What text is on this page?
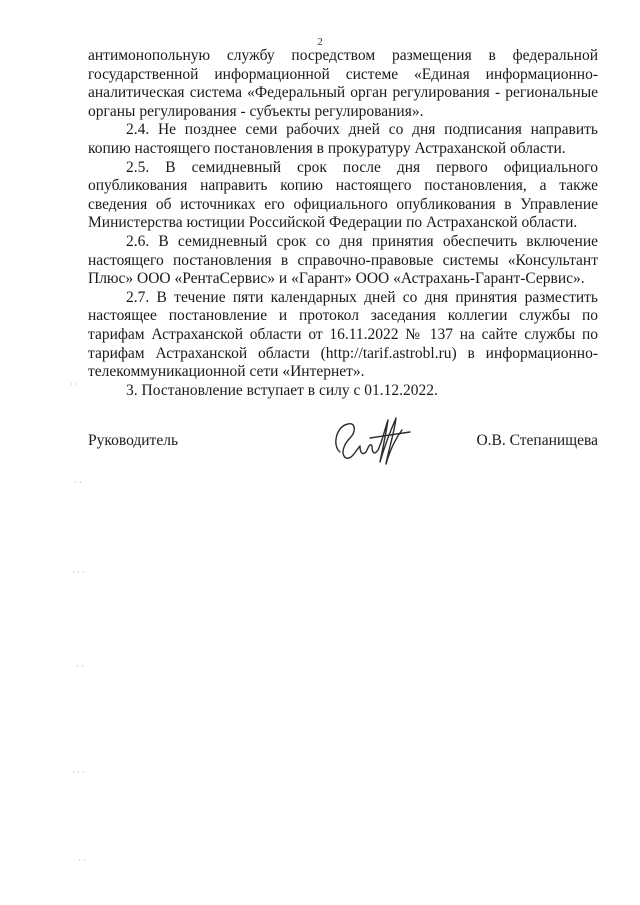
2

антимонопольную службу посредством размещения в федеральной государственной информационной системе «Единая информационно-аналитическая система «Федеральный орган регулирования - региональные органы регулирования - субъекты регулирования».

2.4. Не позднее семи рабочих дней со дня подписания направить копию настоящего постановления в прокуратуру Астраханской области.

2.5. В семидневный срок после дня первого официального опубликования направить копию настоящего постановления, а также сведения об источниках его официального опубликования в Управление Министерства юстиции Российской Федерации по Астраханской области.

2.6. В семидневный срок со дня принятия обеспечить включение настоящего постановления в справочно-правовые системы «Консультант Плюс» ООО «РентаСервис» и «Гарант» ООО «Астрахань-Гарант-Сервис».

2.7. В течение пяти календарных дней со дня принятия разместить настоящее постановление и протокол заседания коллегии службы по тарифам Астраханской области от 16.11.2022 № 137 на сайте службы по тарифам Астраханской области (http://tarif.astrobl.ru) в информационно-телекоммуникационной сети «Интернет».

3. Постановление вступает в силу с 01.12.2022.

Руководитель	О.В. Степанищева
· ·
· ·
· · ·
· ·
· · ·
· ·
